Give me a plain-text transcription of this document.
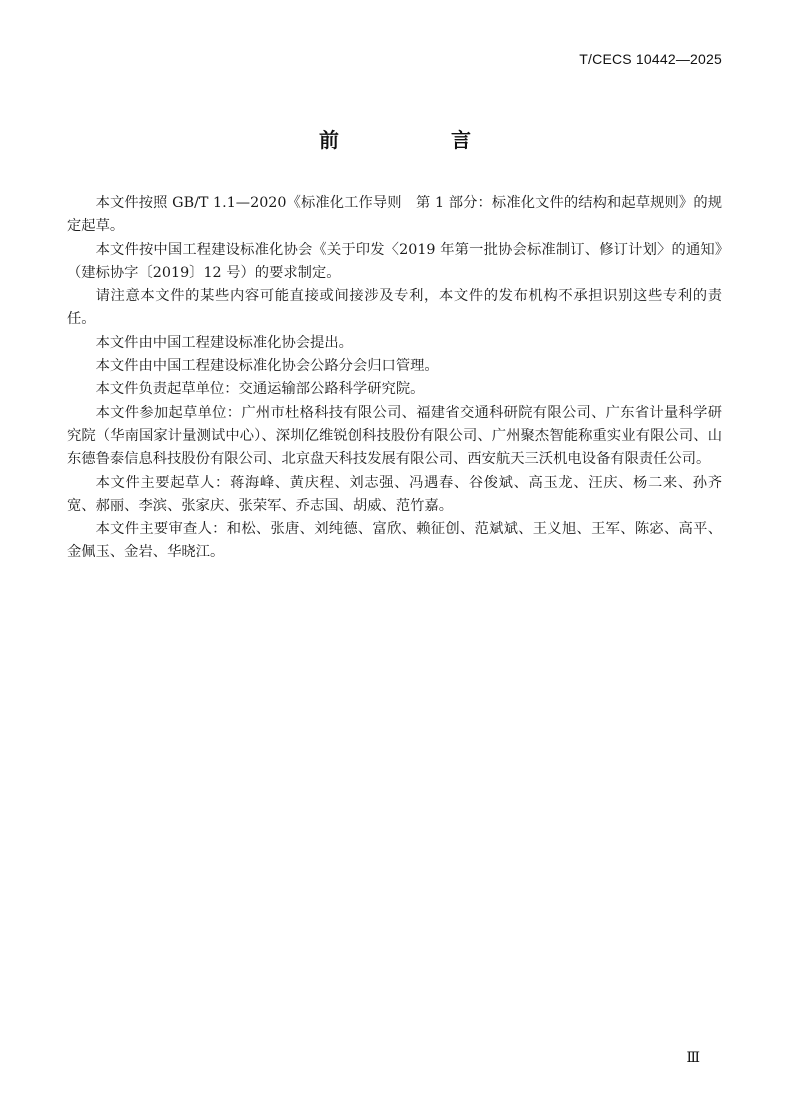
T/CECS 10442—2025
前　言

本文件按照 GB/T 1.1—2020《标准化工作导则　第 1 部分：标准化文件的结构和起草规则》的规定起草。

本文件按中国工程建设标准化协会《关于印发〈2019 年第一批协会标准制订、修订计划〉的通知》（建标协字〔2019〕12 号）的要求制定。

请注意本文件的某些内容可能直接或间接涉及专利，本文件的发布机构不承担识别这些专利的责任。

本文件由中国工程建设标准化协会提出。

本文件由中国工程建设标准化协会公路分会归口管理。

本文件负责起草单位：交通运输部公路科学研究院。

本文件参加起草单位：广州市杜格科技有限公司、福建省交通科研院有限公司、广东省计量科学研究院（华南国家计量测试中心）、深圳亿维锐创科技股份有限公司、广州聚杰智能称重实业有限公司、山东德鲁泰信息科技股份有限公司、北京盘天科技发展有限公司、西安航天三沃机电设备有限责任公司。

本文件主要起草人：蒋海峰、黄庆程、刘志强、冯遇春、谷俊斌、高玉龙、汪庆、杨二来、孙齐宽、郝丽、李滨、张家庆、张荣军、乔志国、胡威、范竹嘉。

本文件主要审查人：和松、张唐、刘纯德、富欣、赖征创、范斌斌、王义旭、王军、陈宓、高平、金佩玉、金岩、华晓江。

Ⅲ
